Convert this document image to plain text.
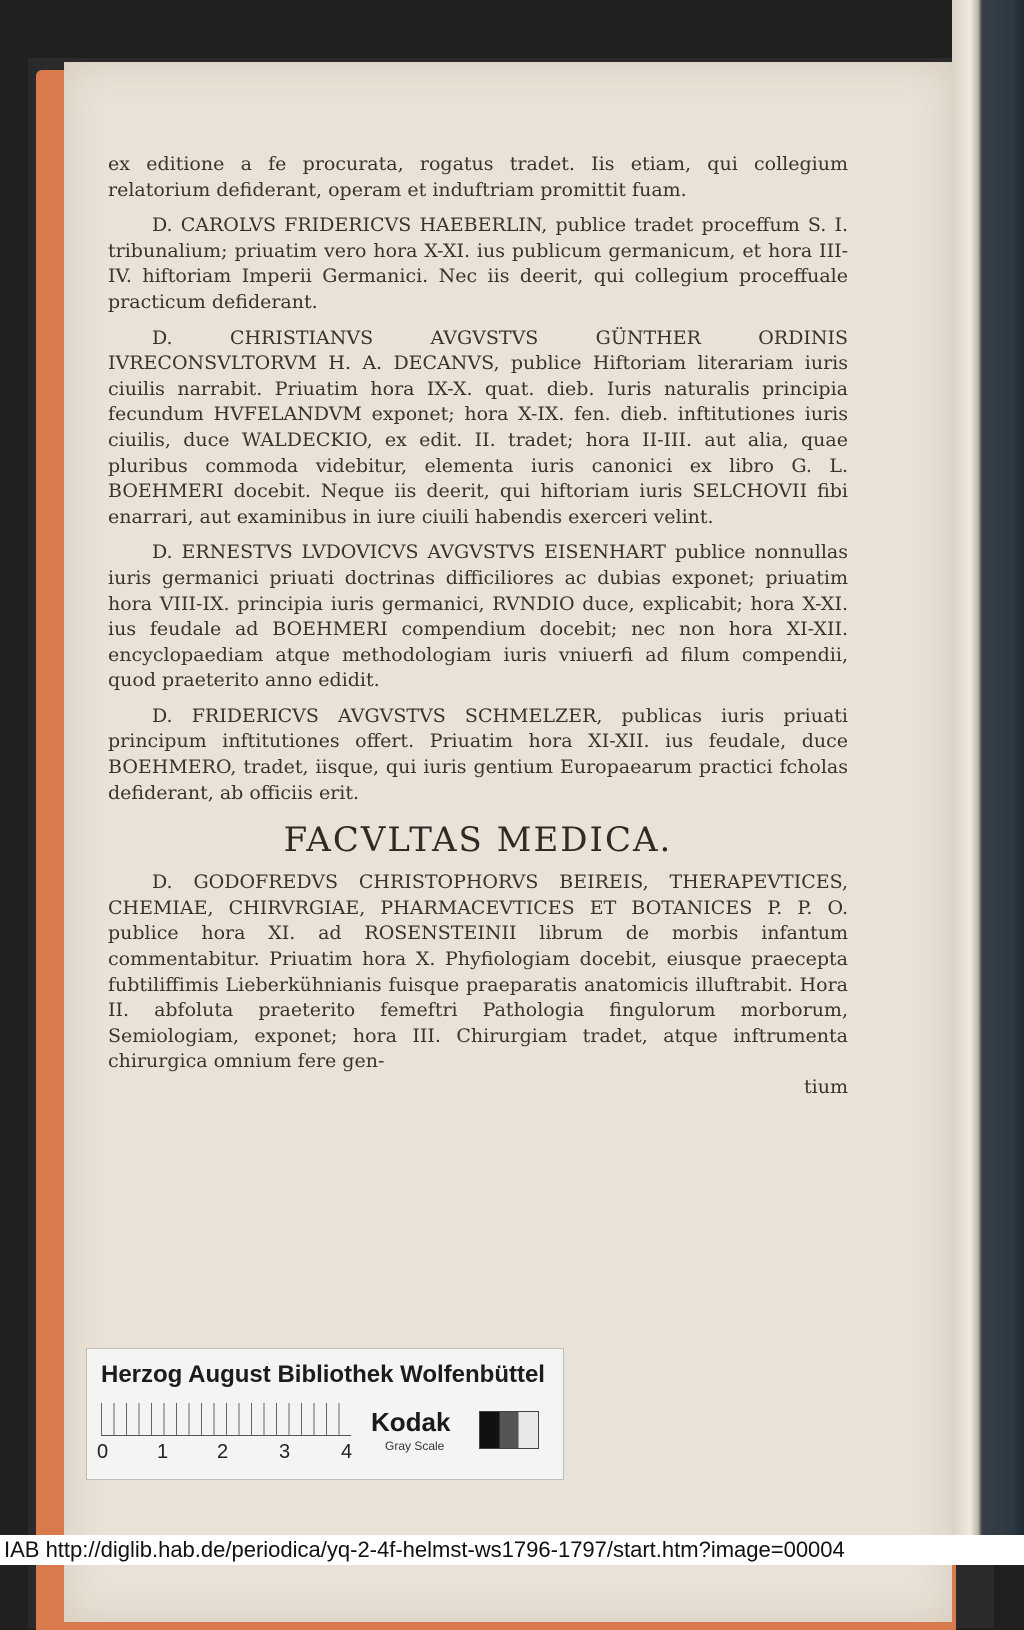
ex editione a fe procurata, rogatus tradet. Iis etiam, qui collegium relatorium defiderant, operam et induftriam promittit fuam.

D. CAROLVS FRIDERICVS HAEBERLIN, publice tradet proceffum S. I. tribunalium; priuatim vero hora X-XI. ius publicum germanicum, et hora III-IV. hiftoriam Imperii Germanici. Nec iis deerit, qui collegium proceffuale practicum defiderant.

D. CHRISTIANVS AVGVSTVS GÜNTHER ORDINIS IVRECONSVLTORVM H. A. DECANVS, publice Hiftoriam literariam iuris ciuilis narrabit. Priuatim hora IX-X. quat. dieb. Iuris naturalis principia fecundum HVFELANDVM exponet; hora X-IX. fen. dieb. inftitutiones iuris ciuilis, duce WALDECKIO, ex edit. II. tradet; hora II-III. aut alia, quae pluribus commoda videbitur, elementa iuris canonici ex libro G. L. BOEHMERI docebit. Neque iis deerit, qui hiftoriam iuris SELCHOVII fibi enarrari, aut examinibus in iure ciuili habendis exerceri velint.

D. ERNESTVS LVDOVICVS AVGVSTVS EISENHART publice nonnullas iuris germanici priuati doctrinas difficiliores ac dubias exponet; priuatim hora VIII-IX. principia iuris germanici, RVNDIO duce, explicabit; hora X-XI. ius feudale ad BOEHMERI compendium docebit; nec non hora XI-XII. encyclopaediam atque methodologiam iuris vniuerfi ad filum compendii, quod praeterito anno edidit.

D. FRIDERICVS AVGVSTVS SCHMELZER, publicas iuris priuati principum inftitutiones offert. Priuatim hora XI-XII. ius feudale, duce BOEHMERO, tradet, iisque, qui iuris gentium Europaearum practici fcholas defiderant, ab officiis erit.

FACVLTAS MEDICA.

D. GODOFREDVS CHRISTOPHORVS BEIREIS, THERAPEVTICES, CHEMIAE, CHIRVRGIAE, PHARMACEVTICES ET BOTANICES P. P. O. publice hora XI. ad ROSENSTEINII librum de morbis infantum commentabitur. Priuatim hora X. Phyfiologiam docebit, eiusque praecepta fubtiliffimis Lieberkühnianis fuisque praeparatis anatomicis illuftrabit. Hora II. abfoluta praeterito femeftri Pathologia fingulorum morborum, Semiologiam, exponet; hora III. Chirurgiam tradet, atque inftrumenta chirurgica omnium fere gen-

tium

Herzog August Bibliothek Wolfenbüttel
0 1 2	3	4
Kodak
Gray Scale
IAB http://diglib.hab.de/periodica/yq-2-4f-helmst-ws1796-1797/start.htm?image=00004
